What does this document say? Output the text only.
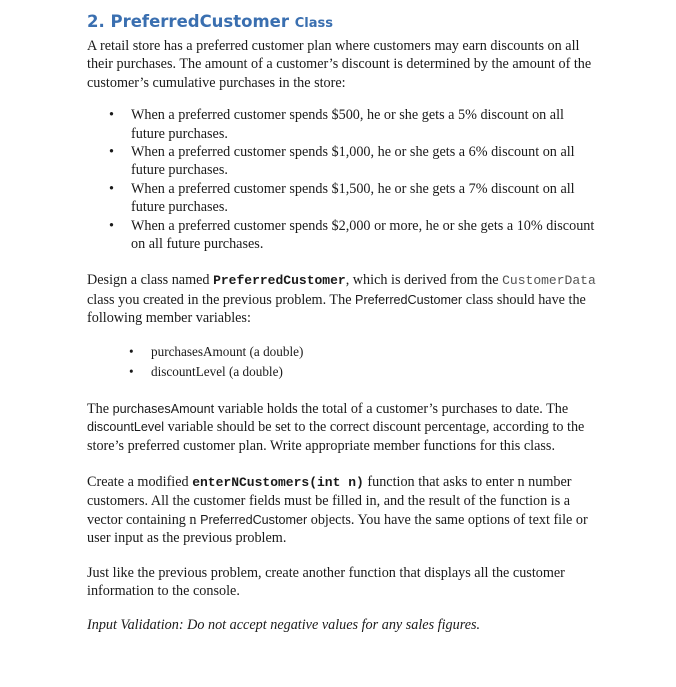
2. PreferredCustomer Class

A retail store has a preferred customer plan where customers may earn discounts on all their purchases. The amount of a customer’s discount is determined by the amount of the customer’s cumulative purchases in the store:

• When a preferred customer spends $500, he or she gets a 5% discount on all future purchases.
• When a preferred customer spends $1,000, he or she gets a 6% discount on all future purchases.
• When a preferred customer spends $1,500, he or she gets a 7% discount on all future purchases.
• When a preferred customer spends $2,000 or more, he or she gets a 10% discount on all future purchases.

Design a class named PreferredCustomer, which is derived from the CustomerData class you created in the previous problem. The PreferredCustomer class should have the following member variables:

• purchasesAmount (a double)
• discountLevel (a double)

The purchasesAmount variable holds the total of a customer’s purchases to date. The discountLevel variable should be set to the correct discount percentage, according to the store’s preferred customer plan. Write appropriate member functions for this class.

Create a modified enterNCustomers(int n) function that asks to enter n number customers. All the customer fields must be filled in, and the result of the function is a vector containing n PreferredCustomer objects. You have the same options of text file or user input as the previous problem.

Just like the previous problem, create another function that displays all the customer information to the console.

Input Validation: Do not accept negative values for any sales figures.
